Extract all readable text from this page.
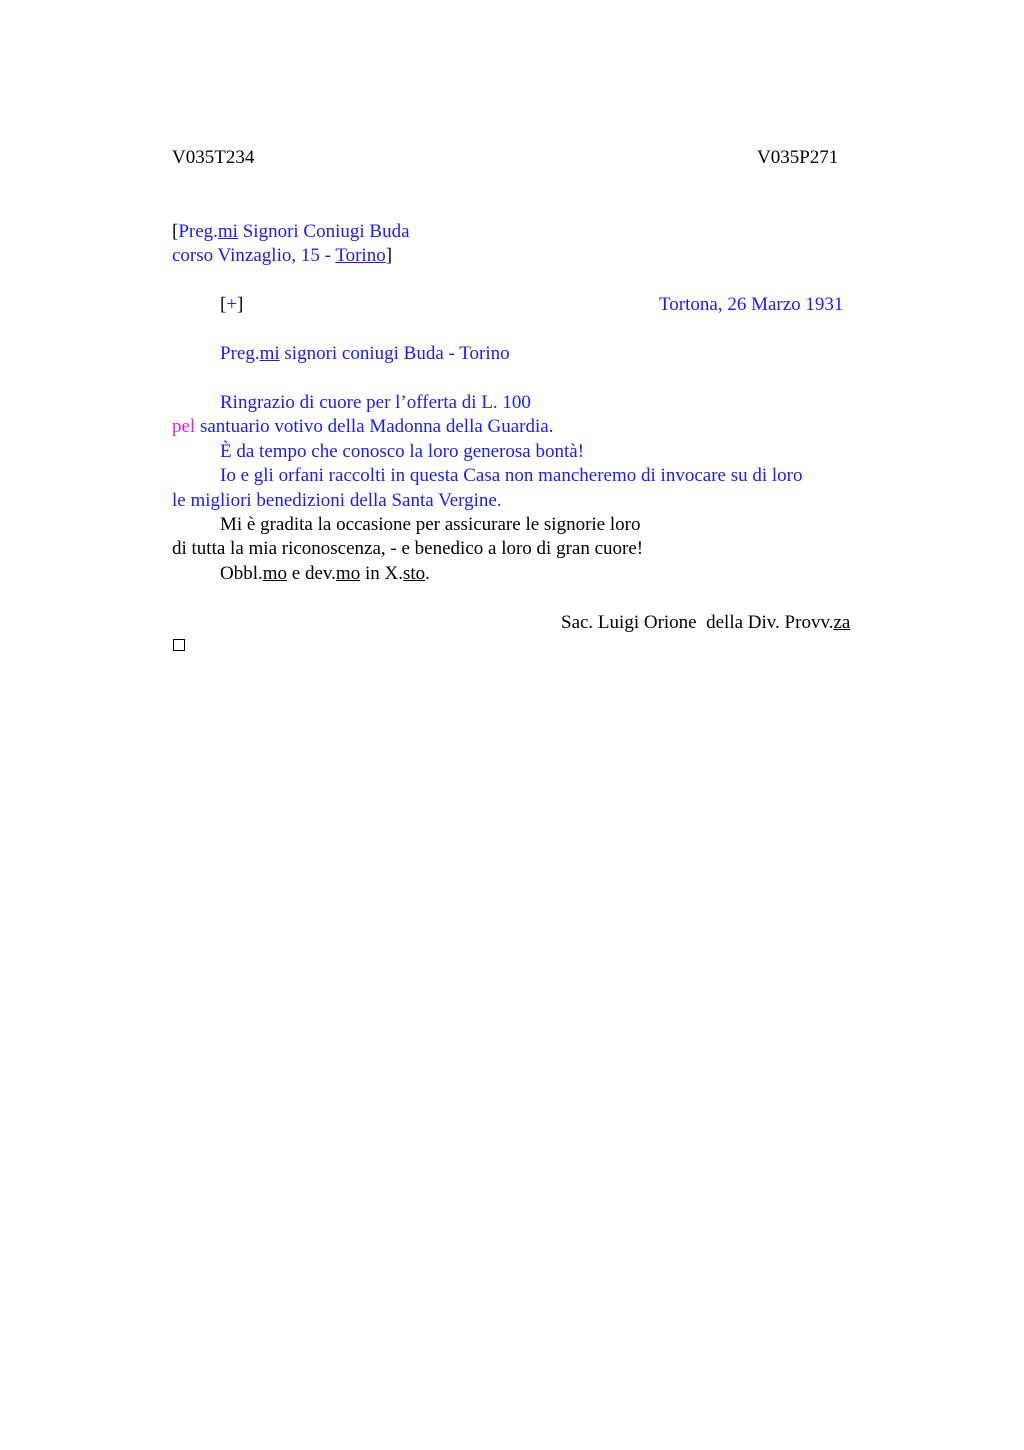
V035T234	V035P271
[Preg.mi Signori Coniugi Buda
corso Vinzaglio, 15 - Torino]
[+]	Tortona, 26 Marzo 1931
Preg.mi signori coniugi Buda - Torino
Ringrazio di cuore per l’offerta di L. 100
pel santuario votivo della Madonna della Guardia.
È da tempo che conosco la loro generosa bontà!
Io e gli orfani raccolti in questa Casa non mancheremo di invocare su di loro
le migliori benedizioni della Santa Vergine.
Mi è gradita la occasione per assicurare le signorie loro
di tutta la mia riconoscenza, - e benedico a loro di gran cuore!
Obbl.mo e dev.mo in X.sto.
Sac. Luigi Orione  della Div. Provv.za
